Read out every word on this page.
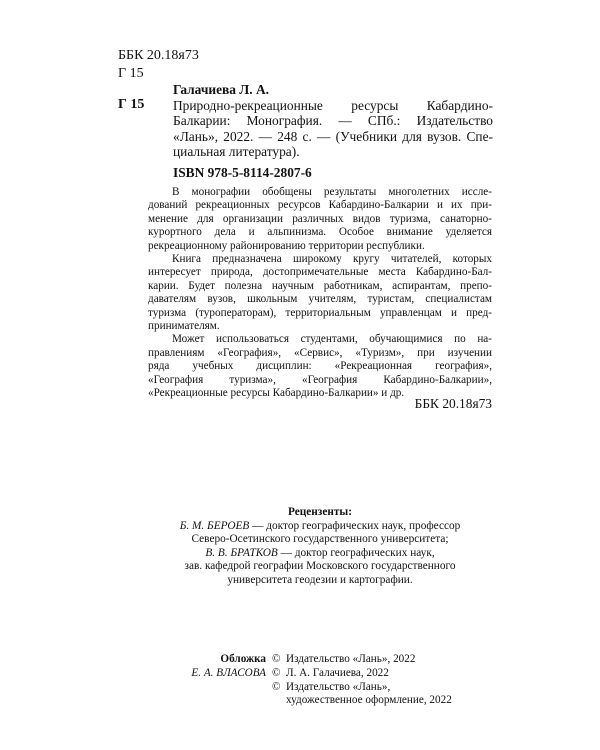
ББК 20.18я73
Г 15
Г 15
Галачиева Л. А.
Природно-рекреационные ресурсы Кабардино-
Балкарии: Монография. — СПб.: Издательство
«Лань», 2022. — 248 с. — (Учебники для вузов. Спе-
циальная литература).
ISBN 978-5-8114-2807-6
В монографии обобщены результаты многолетних иссле-
дований рекреационных ресурсов Кабардино-Балкарии и их при-
менение для организации различных видов туризма, санаторно-
курортного дела и альпинизма. Особое внимание уделяется
рекреационному районированию территории республики.
Книга предназначена широкому кругу читателей, которых
интересует природа, достопримечательные места Кабардино-Бал-
карии. Будет полезна научным работникам, аспирантам, препо-
давателям вузов, школьным учителям, туристам, специалистам
туризма (туроператорам), территориальным управленцам и пред-
принимателям.
Может использоваться студентами, обучающимися по на-
правлениям «География», «Сервис», «Туризм», при изучении
ряда учебных дисциплин: «Рекреационная география»,
«География туризма», «География Кабардино-Балкарии»,
«Рекреационные ресурсы Кабардино-Балкарии» и др.
ББК 20.18я73
Рецензенты:
Б. М. БЕРОЕВ — доктор географических наук, профессор
Северо-Осетинского государственного университета;
В. В. БРАТКОВ — доктор географических наук,
зав. кафедрой географии Московского государственного
университета геодезии и картографии.
Обложка © Издательство «Лань», 2022
Е. А. ВЛАСОВА © Л. А. Галачиева, 2022
© Издательство «Лань»,
художественное оформление, 2022
